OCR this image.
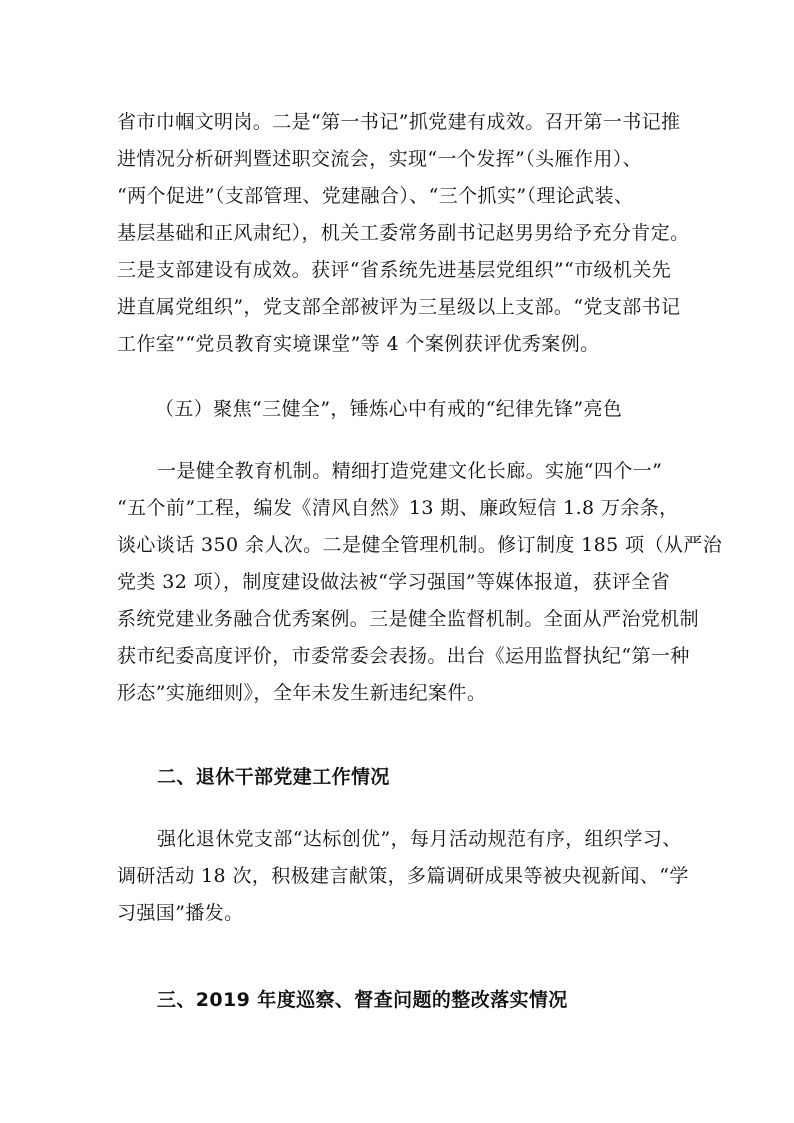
省市巾帼文明岗。二是“第一书记”抓党建有成效。召开第一书记推
进情况分析研判暨述职交流会，实现“一个发挥”（头雁作用）、
“两个促进”（支部管理、党建融合）、“三个抓实”（理论武装、
基层基础和正风肃纪），机关工委常务副书记赵男男给予充分肯定。
三是支部建设有成效。获评“省系统先进基层党组织”“市级机关先
进直属党组织”，党支部全部被评为三星级以上支部。“党支部书记
工作室”“党员教育实境课堂”等 4 个案例获评优秀案例。
（五）聚焦“三健全”，锤炼心中有戒的“纪律先锋”亮色
一是健全教育机制。精细打造党建文化长廊。实施“四个一”
“五个前”工程，编发《清风自然》13 期、廉政短信 1.8 万余条，
谈心谈话 350 余人次。二是健全管理机制。修订制度 185 项（从严治
党类 32 项），制度建设做法被“学习强国”等媒体报道，获评全省
系统党建业务融合优秀案例。三是健全监督机制。全面从严治党机制
获市纪委高度评价，市委常委会表扬。出台《运用监督执纪“第一种
形态”实施细则》，全年未发生新违纪案件。
二、退休干部党建工作情况
强化退休党支部“达标创优”，每月活动规范有序，组织学习、
调研活动 18 次，积极建言献策，多篇调研成果等被央视新闻、“学
习强国”播发。
三、2019 年度巡察、督查问题的整改落实情况
